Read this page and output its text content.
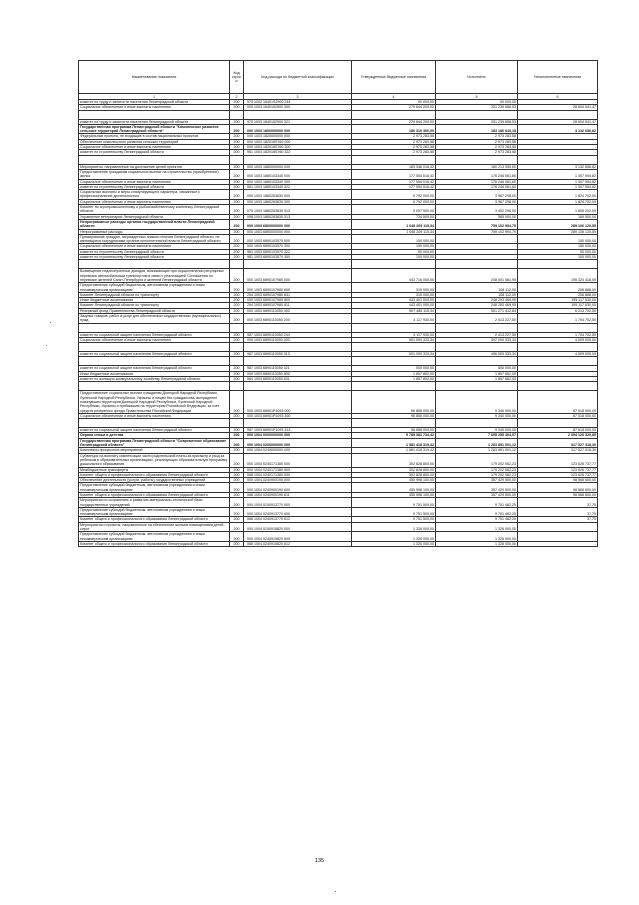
Наименование показателя	Код строк и	Код расхода по бюджетной классификации	Утвержденные бюджетные назначения	Исполнено	Неисполненные назначения
1	2	3	4	5	6
комитет по труду и занятости населения Ленинградской области	200	970 1002 16401S2900 244	90 000,00	90 000,00	-
Социальное обеспечение и иные выплаты населению	200	000 1003 1640152900 300	279 844 200,00	251 239 658,53	28 604 541,47

комитет по труду и занятости населения Ленинградской области	200	970 1003 1640152900 321	279 844 200,00	251 239 658,53	28 604 541,47
Государственная программа Ленинградской области "Комплексное развитие сельских территорий Ленинградской области"	200	000 1003 1800000000 000	186 319 300,00	183 186 643,18	3 132 656,82
Федеральные проекты, не входящие в состав национальных проектов	200	000 1003 1820000000 000	2 973 283,58	2 973 283,58	-
Обеспечение комплексного развития сельских территорий	200	000 1003 182018S760 000	2 973 283,58	2 973 283,58	-
Социальное обеспечение и иные выплаты населению	200	000 1003 182018S760 300	2 973 283,58	2 973 283,58	-
комитет по строительству Ленинградской области	200	981 1003 182018S760 322	2 973 283,58	2 973 283,58	-

Мероприятия, направленные на достижение целей проектов	200	000 1003 1880000000 000	183 346 016,42	180 213 359,60	3 132 656,82
Предоставление гражданам социальных выплат на строительство (приобретение) жилья	200	000 1003 1880103340 000	177 554 016,42	176 246 061,60	1 307 954,82
Социальное обеспечение и иные выплаты населению	200	000 1003 1880103340 300	177 554 016,42	176 246 061,60	1 307 954,82
комитет по строительству Ленинградской области	200	981 1003 1880103340 322	177 554 016,42	176 246 061,60	1 307 954,82
Социальные выплаты и меры стимулирующего характера, связанные с профессиональной деятельностью	200	000 1003 1880263830 000	5 792 000,00	3 967 298,00	1 824 702,00
Социальное обеспечение и иные выплаты населению	200	000 1003 1880263830 300	5 792 000,00	3 967 298,00	1 824 702,00
Комитет по агропромышленному и рыбохозяйственному комплексу Ленинградской области	200	075 1003 1880263830 313	5 057 500,00	3 402 298,00	1 655 202,00
Управление ветеринарии Ленинградской области	200	098 1003 1880263830 313	734 500,00	565 000,00	169 500,00
Непрограммные расходы органов государственной власти Ленинградской области	200	000 1003 6800000000 000	1 048 209 115,34	759 102 994,79	289 106 120,55
Непрограммные расходы	200	000 1003 6890000000 000	1 048 209 115,34	759 102 994,79	289 106 120,55
Премирование граждан, награжденных знаком отличия Ленинградской области, не являющихся сотрудниками органов исполнительной власти Ленинградской области	200	000 1003 6890103570 000	150 000,00	-	150 000,00
Социальное обеспечение и иные выплаты населению	200	000 1003 6890103570 300	150 000,00	-	150 000,00
комитет по строительству Ленинградской области	200	981 1003 6890103570 322	50 000,00	-	50 000,00
комитет по строительству Ленинградской области	200	981 1003 6890103570 350	100 000,00	-	100 000,00

Возмещение недополученных доходов, возникающих при осуществлении регулярных перевозок автомобильным транспортом в связи с реализацией Соглашения по перевозке жителей Санкт-Петербурга и жителей Ленинградской области	200	000 1003 6890107980 000	443 716 000,00	248 401 581,95	195 324 418,05
Предоставление субсидий бюджетным, автономным учреждениям и иным некоммерческим организациям	200	000 1003 6890107980 600	315 000,00	108 112,00	206 888,00
Комитет Ленинградской области по транспорту	200	254 1003 6890107980 631	315 000,00	108 112,00	206 888,00
Иные бюджетные ассигнования	200	000 1003 6890107980 800	443 401 000,00	248 293 469,95	195 117 530,05
Комитет Ленинградской области по транспорту	200	254 1003 6890107980 811	443 401 000,00	248 283 469,95	195 117 530,05
Резервный фонд Правительства Ленинградской области	200	000 1003 6890110050 000	507 485 115,34	501 271 412,84	6 213 702,50
Закупка товаров, работ и услуг для обеспечения государственных (муниципальных) нужд	200	000 1003 6890110050 200	4 117 930,00	2 413 227,50	1 704 702,50

комитет по социальной защите населения Ленинградской области	200	987 1003 6890110050 244	4 117 930,00	2 413 227,50	1 704 702,50
Социальное обеспечение и иные выплаты населению	200	000 1003 6890110050 300	501 509 333,34	497 000 333,34	4 509 000,00

комитет по социальной защите населения Ленинградской области	200	987 1003 6890110050 313	501 009 333,34	496 500 333,34	4 509 000,00

комитет по социальной защите населения Ленинградской области	200	987 1003 6890110050 321	500 000,00	500 000,00	-
Иные бюджетные ассигнования	200	000 1003 6890110050 800	1 857 852,00	1 857 852,00	-
комитет по жилищно-коммунальному хозяйству Ленинградской области	200	984 1003 6890110050 831	1 857 852,00	1 857 852,00	-

Предоставление социальных выплат гражданам Донецкой Народной Республики, Луганской Народной Республики, Украины и лицам без гражданства, вынужденно покинувшим территории Донецкой Народной Республики, Луганской Народной Республики, Украины и прибывшим на территорию Российской Федерации, за счет средств резервного фонда Правительства Российской Федерации	200	000 1003 68901P1093 000	96 858 000,00	9 340 000,00	87 518 000,00
Социальное обеспечение и иные выплаты населению	200	000 1003 68901P1093 300	96 858 000,00	9 340 000,00	87 518 000,00

комитет по социальной защите населения Ленинградской области	200	987 1003 68901P1093 313	96 858 000,00	9 340 000,00	87 518 000,00
Охрана семьи и детства	200	000 1004 0000000000 000	9 789 381 734,42	7 695 255 404,57	2 094 126 329,85
Государственная программа Ленинградской области "Современное образование Ленинградской области"	200	000 1004 0200000000 000	1 581 418 319,42	1 263 891 001,12	317 527 318,30
Комплексы процессных мероприятий	200	000 1004 0240000000 000	1 581 418 319,42	1 263 891 001,12	317 527 318,30
Субвенция на выплату компенсации части родительской платы за присмотр и уход за ребенком в образовательных организациях, реализующих образовательную программу дошкольного образования	200	000 1004 0240171380 000	302 828 800,00	179 202 062,23	123 626 737,77
Межбюджетные трансферты	200	000 1004 0240171380 500	302 828 800,00	179 202 062,23	123 626 737,77
Комитет общего и профессионального образования Ленинградской области	200	068 1004 0240171380 530	302 828 800,00	179 202 062,23	123 626 737,77
Обеспечение деятельности (услуги, работы) государственных учреждений	200	000 1004 0240900190 000	455 998 100,00	357 429 500,00	98 568 600,00
Предоставление субсидий бюджетным, автономным учреждениям и иным некоммерческим организациям	200	000 1004 0240900190 600	455 998 100,00	357 429 500,00	98 568 600,00
Комитет общего и профессионального образования Ленинградской области	200	068 1004 0240900190 611	455 998 100,00	357 429 500,00	98 568 600,00
Мероприятия по сохранению и развитию материально-технической базы государственных учреждений	200	000 1004 0240913770 000	9 751 500,00	9 751 462,25	37,75
Предоставление субсидий бюджетным, автономным учреждениям и иным некоммерческим организациям	200	000 1004 0240913770 600	9 751 500,00	9 751 462,25	37,75
Комитет общего и профессионального образования Ленинградской области	200	068 1004 0240913770 612	9 751 500,00	9 751 462,25	37,75
Мероприятия и проекты, направленные на обеспечение жильем помещениями детей-сирот	200	000 1004 0240915820 000	1 326 000,00	1 326 000,00	-
Предоставление субсидий бюджетным, автономным учреждениям и иным некоммерческим организациям	200	000 1004 0240915820 600	1 326 000,00	1 326 000,00	-
Комитет общего и профессионального образования Ленинградской области	200	068 1004 0240915820 612	1 326 000,00	1 326 000,00	-
135
